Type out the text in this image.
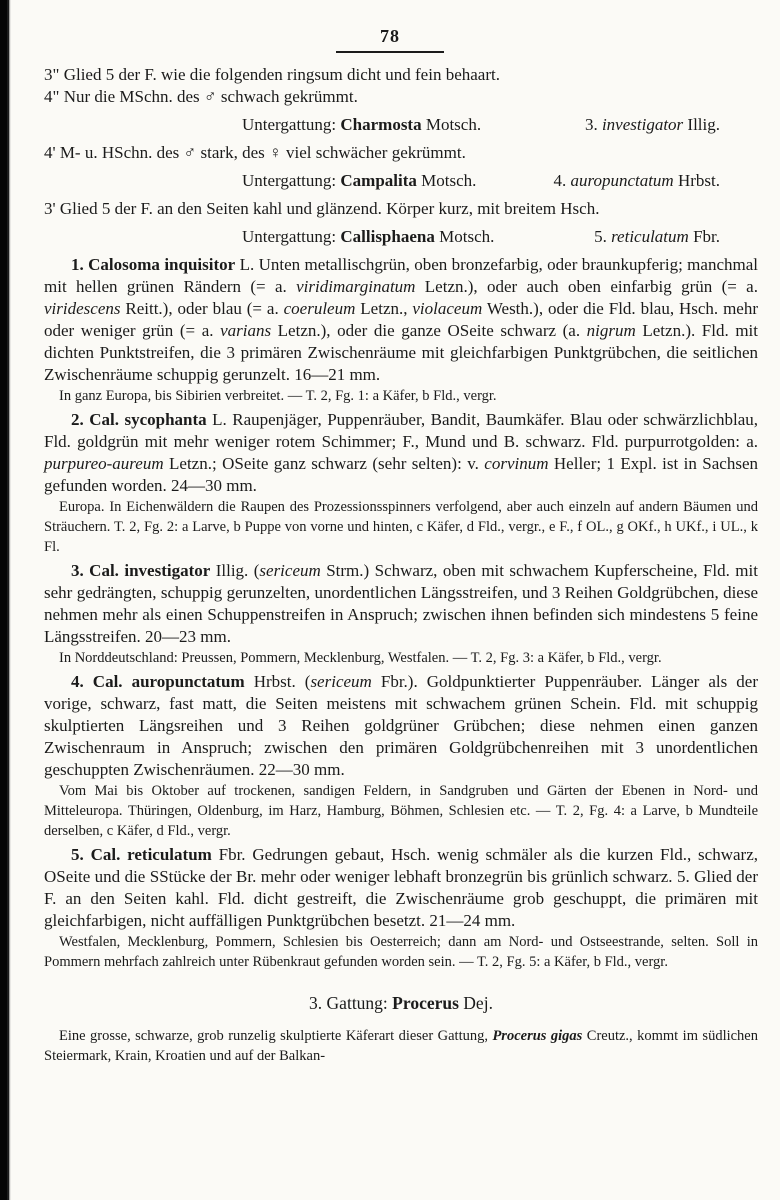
78

3" Glied 5 der F. wie die folgenden ringsum dicht und fein behaart.

4" Nur die MSchn. des ♂ schwach gekrümmt.

Untergattung: Charmosta Motsch.	3. investigator Illig.

4' M- u. HSchn. des ♂ stark, des ♀ viel schwächer gekrümmt.

Untergattung: Campalita Motsch.	4. auropunctatum Hrbst.

3' Glied 5 der F. an den Seiten kahl und glänzend. Körper kurz, mit breitem Hsch.

Untergattung: Callisphaena Motsch.	5. reticulatum Fbr.

1. Calosoma inquisitor L. Unten metallischgrün, oben bronzefarbig, oder braunkupferig; manchmal mit hellen grünen Rändern (= a. viridimarginatum Letzn.), oder auch oben einfarbig grün (= a. viridescens Reitt.), oder blau (= a. coeruleum Letzn., violaceum Westh.), oder die Fld. blau, Hsch. mehr oder weniger grün (= a. varians Letzn.), oder die ganze OSeite schwarz (a. nigrum Letzn.). Fld. mit dichten Punktstreifen, die 3 primären Zwischenräume mit gleichfarbigen Punktgrübchen, die seitlichen Zwischenräume schuppig gerunzelt. 16—21 mm.

In ganz Europa, bis Sibirien verbreitet. — T. 2, Fg. 1: a Käfer, b Fld., vergr.

2. Cal. sycophanta L. Raupenjäger, Puppenräuber, Bandit, Baumkäfer. Blau oder schwärzlichblau, Fld. goldgrün mit mehr weniger rotem Schimmer; F., Mund und B. schwarz. Fld. purpurrotgolden: a. purpureo-aureum Letzn.; OSeite ganz schwarz (sehr selten): v. corvinum Heller; 1 Expl. ist in Sachsen gefunden worden. 24—30 mm.

Europa. In Eichenwäldern die Raupen des Prozessionsspinners verfolgend, aber auch einzeln auf andern Bäumen und Sträuchern. T. 2, Fg. 2: a Larve, b Puppe von vorne und hinten, c Käfer, d Fld., vergr., e F., f OL., g OKf., h UKf., i UL., k Fl.

3. Cal. investigator Illig. (sericeum Strm.) Schwarz, oben mit schwachem Kupferscheine, Fld. mit sehr gedrängten, schuppig gerunzelten, unordentlichen Längsstreifen, und 3 Reihen Goldgrübchen, diese nehmen mehr als einen Schuppenstreifen in Anspruch; zwischen ihnen befinden sich mindestens 5 feine Längsstreifen. 20—23 mm.

In Norddeutschland: Preussen, Pommern, Mecklenburg, Westfalen. — T. 2, Fg. 3: a Käfer, b Fld., vergr.

4. Cal. auropunctatum Hrbst. (sericeum Fbr.). Goldpunktierter Puppenräuber. Länger als der vorige, schwarz, fast matt, die Seiten meistens mit schwachem grünen Schein. Fld. mit schuppig skulptierten Längsreihen und 3 Reihen goldgrüner Grübchen; diese nehmen einen ganzen Zwischenraum in Anspruch; zwischen den primären Goldgrübchenreihen mit 3 unordentlichen geschuppten Zwischenräumen. 22—30 mm.

Vom Mai bis Oktober auf trockenen, sandigen Feldern, in Sandgruben und Gärten der Ebenen in Nord- und Mitteleuropa. Thüringen, Oldenburg, im Harz, Hamburg, Böhmen, Schlesien etc. — T. 2, Fg. 4: a Larve, b Mundteile derselben, c Käfer, d Fld., vergr.

5. Cal. reticulatum Fbr. Gedrungen gebaut, Hsch. wenig schmäler als die kurzen Fld., schwarz, OSeite und die SStücke der Br. mehr oder weniger lebhaft bronzegrün bis grünlich schwarz. 5. Glied der F. an den Seiten kahl. Fld. dicht gestreift, die Zwischenräume grob geschuppt, die primären mit gleichfarbigen, nicht auffälligen Punktgrübchen besetzt. 21—24 mm.

Westfalen, Mecklenburg, Pommern, Schlesien bis Oesterreich; dann am Nord- und Ostseestrande, selten. Soll in Pommern mehrfach zahlreich unter Rübenkraut gefunden worden sein. — T. 2, Fg. 5: a Käfer, b Fld., vergr.

3. Gattung: Procerus Dej.

Eine grosse, schwarze, grob runzelig skulptierte Käferart dieser Gattung, Procerus gigas Creutz., kommt im südlichen Steiermark, Krain, Kroatien und auf der Balkan-
